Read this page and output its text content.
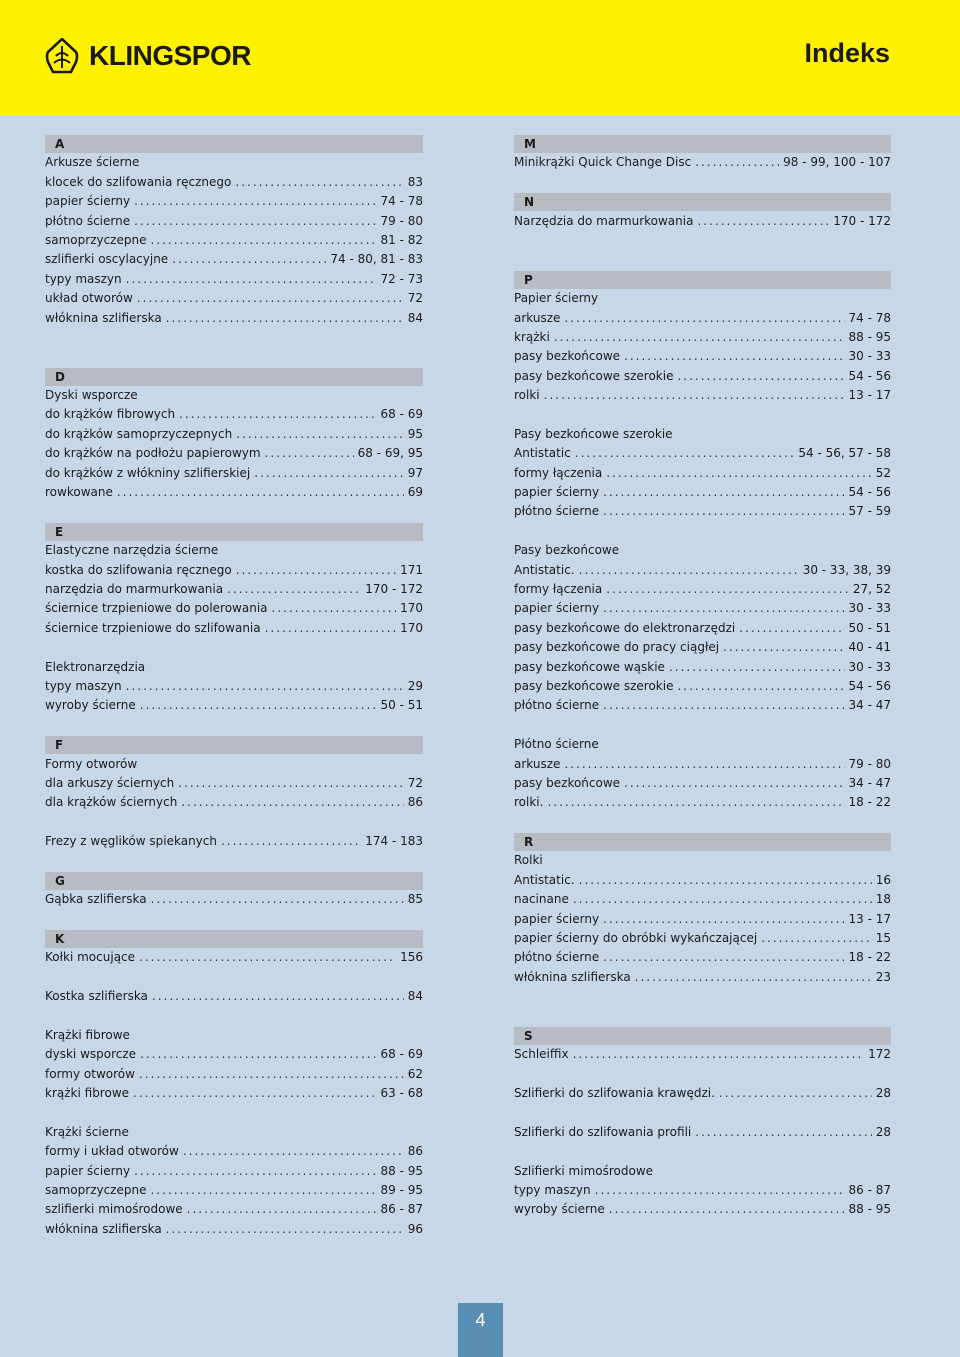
KLINGSPOR	Indeks
A
Arkusze ścierne
klocek do szlifowania ręcznego .....	83
papier ścierny .....	74 - 78
płótno ścierne .....	79 - 80
samoprzyczepne .....	81 - 82
szlifierki oscylacyjne .....	74 - 80, 81 - 83
typy maszyn .....	72 - 73
układ otworów .....	72
włóknina szlifierska .....	84
D
Dyski wsporcze
do krążków fibrowych .....	68 - 69
do krążków samoprzyczepnych .....	95
do krążków na podłożu papierowym .....	68 - 69, 95
do krążków z włókniny szlifierskiej .....	97
rowkowane .....	69
E
Elastyczne narzędzia ścierne
kostka do szlifowania ręcznego .....	171
narzędzia do marmurkowania .....	170 - 172
ściernice trzpieniowe do polerowania .....	170
ściernice trzpieniowe do szlifowania .....	170
Elektronarzędzia
typy maszyn .....	29
wyroby ścierne .....	50 - 51
F
Formy otworów
dla arkuszy ściernych .....	72
dla krążków ściernych .....	86
Frezy z węglików spiekanych .....	174 - 183
G
Gąbka szlifierska .....	85
K
Kołki mocujące .....	156
Kostka szlifierska .....	84
Krążki fibrowe
dyski wsporcze .....	68 - 69
formy otworów .....	62
krążki fibrowe .....	63 - 68
Krążki ścierne
formy i układ otworów .....	86
papier ścierny .....	88 - 95
samoprzyczepne .....	89 - 95
szlifierki mimośrodowe .....	86 - 87
włóknina szlifierska .....	96
M
Minikrążki Quick Change Disc .....	98 - 99, 100 - 107
N
Narzędzia do marmurkowania .....	170 - 172
P
Papier ścierny
arkusze .....	74 - 78
krążki .....	88 - 95
pasy bezkońcowe .....	30 - 33
pasy bezkońcowe szerokie .....	54 - 56
rolki .....	13 - 17
Pasy bezkońcowe szerokie
Antistatic .....	54 - 56, 57 - 58
formy łączenia .....	52
papier ścierny .....	54 - 56
płótno ścierne .....	57 - 59
Pasy bezkońcowe
Antistatic. .....	30 - 33, 38, 39
formy łączenia .....	27, 52
papier ścierny .....	30 - 33
pasy bezkońcowe do elektronarzędzi .....	50 - 51
pasy bezkońcowe do pracy ciągłej .....	40 - 41
pasy bezkońcowe wąskie .....	30 - 33
pasy bezkońcowe szerokie .....	54 - 56
płótno ścierne .....	34 - 47
Płótno ścierne
arkusze .....	79 - 80
pasy bezkońcowe .....	34 - 47
rolki. .....	18 - 22
R
Rolki
Antistatic. .....	16
nacinane .....	18
papier ścierny .....	13 - 17
papier ścierny do obróbki wykańczającej .....	15
płótno ścierne .....	18 - 22
włóknina szlifierska .....	23
S
Schleiffix .....	172
Szlifierki do szlifowania krawędzi. .....	28
Szlifierki do szlifowania profili .....	28
Szlifierki mimośrodowe
typy maszyn .....	86 - 87
wyroby ścierne .....	88 - 95
4
